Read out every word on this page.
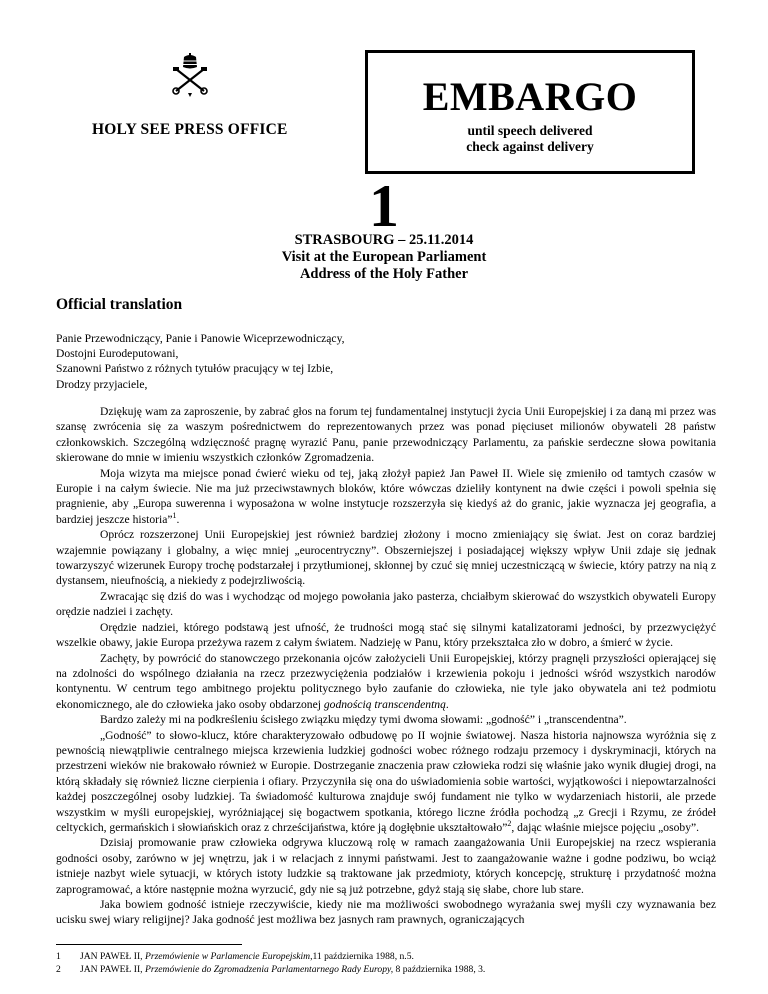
HOLY SEE PRESS OFFICE
EMBARGO
until speech delivered
check against delivery
1
STRASBOURG – 25.11.2014
Visit at the European Parliament
Address of the Holy Father
Official translation
Panie Przewodniczący, Panie i Panowie Wiceprzewodniczący,
Dostojni Eurodeputowani,
Szanowni Państwo z różnych tytułów pracujący w tej Izbie,
Drodzy przyjaciele,

Dziękuję wam za zaproszenie, by zabrać głos na forum tej fundamentalnej instytucji życia Unii Europejskiej i za daną mi przez was szansę zwrócenia się za waszym pośrednictwem do reprezentowanych przez was ponad pięciuset milionów obywateli 28 państw członkowskich. Szczególną wdzięczność pragnę wyrazić Panu, panie przewodniczący Parlamentu, za pańskie serdeczne słowa powitania skierowane do mnie w imieniu wszystkich członków Zgromadzenia.

Moja wizyta ma miejsce ponad ćwierć wieku od tej, jaką złożył papież Jan Paweł II. Wiele się zmieniło od tamtych czasów w Europie i na całym świecie. Nie ma już przeciwstawnych bloków, które wówczas dzieliły kontynent na dwie części i powoli spełnia się pragnienie, aby „Europa suwerenna i wyposażona w wolne instytucje rozszerzyła się kiedyś aż do granic, jakie wyznacza jej geografia, a bardziej jeszcze historia”$^1$.

Oprócz rozszerzonej Unii Europejskiej jest również bardziej złożony i mocno zmieniający się świat. Jest on coraz bardziej wzajemnie powiązany i globalny, a więc mniej „eurocentryczny”. Obszerniejszej i posiadającej większy wpływ Unii zdaje się jednak towarzyszyć wizerunek Europy trochę podstarzałej i przytłumionej, skłonnej by czuć się mniej uczestniczącą w świecie, który patrzy na nią z dystansem, nieufnością, a niekiedy z podejrzliwością.

Zwracając się dziś do was i wychodząc od mojego powołania jako pasterza, chciałbym skierować do wszystkich obywateli Europy orędzie nadziei i zachęty.

Orędzie nadziei, którego podstawą jest ufność, że trudności mogą stać się silnymi katalizatorami jedności, by przezwyciężyć wszelkie obawy, jakie Europa przeżywa razem z całym światem. Nadzieję w Panu, który przekształca zło w dobro, a śmierć w życie.

Zachęty, by powrócić do stanowczego przekonania ojców założycieli Unii Europejskiej, którzy pragnęli przyszłości opierającej się na zdolności do wspólnego działania na rzecz przezwyciężenia podziałów i krzewienia pokoju i jedności wśród wszystkich narodów kontynentu. W centrum tego ambitnego projektu politycznego było zaufanie do człowieka, nie tyle jako obywatela ani też podmiotu ekonomicznego, ale do człowieka jako osoby obdarzonej godnością transcendentną.

Bardzo zależy mi na podkreśleniu ścisłego związku między tymi dwoma słowami: „godność” i „transcendentna”.

„Godność” to słowo-klucz, które charakteryzowało odbudowę po II wojnie światowej. Nasza historia najnowsza wyróżnia się z pewnością niewątpliwie centralnego miejsca krzewienia ludzkiej godności wobec różnego rodzaju przemocy i dyskryminacji, których na przestrzeni wieków nie brakowało również w Europie. Dostrzeganie znaczenia praw człowieka rodzi się właśnie jako wynik długiej drogi, na którą składały się również liczne cierpienia i ofiary. Przyczyniła się ona do uświadomienia sobie wartości, wyjątkowości i niepowtarzalności każdej poszczególnej osoby ludzkiej. Ta świadomość kulturowa znajduje swój fundament nie tylko w wydarzeniach historii, ale przede wszystkim w myśli europejskiej, wyróżniającej się bogactwem spotkania, którego liczne źródła pochodzą „z Grecji i Rzymu, ze źródeł celtyckich, germańskich i słowiańskich oraz z chrześcijaństwa, które ją dogłębnie ukształtowało”$^2$, dając właśnie miejsce pojęciu „osoby”.

Dzisiaj promowanie praw człowieka odgrywa kluczową rolę w ramach zaangażowania Unii Europejskiej na rzecz wspierania godności osoby, zarówno w jej wnętrzu, jak i w relacjach z innymi państwami. Jest to zaangażowanie ważne i godne podziwu, bo wciąż istnieje nazbyt wiele sytuacji, w których istoty ludzkie są traktowane jak przedmioty, których koncepcję, strukturę i przydatność można zaprogramować, a które następnie można wyrzucić, gdy nie są już potrzebne, gdyż stają się słabe, chore lub stare.

Jaka bowiem godność istnieje rzeczywiście, kiedy nie ma możliwości swobodnego wyrażania swej myśli czy wyznawania bez ucisku swej wiary religijnej? Jaka godność jest możliwa bez jasnych ram prawnych, ograniczających

1 JAN PAWEŁ II, Przemówienie w Parlamencie Europejskim,11 października 1988, n.5.
2 JAN PAWEŁ II, Przemówienie do Zgromadzenia Parlamentarnego Rady Europy, 8 października 1988, 3.
